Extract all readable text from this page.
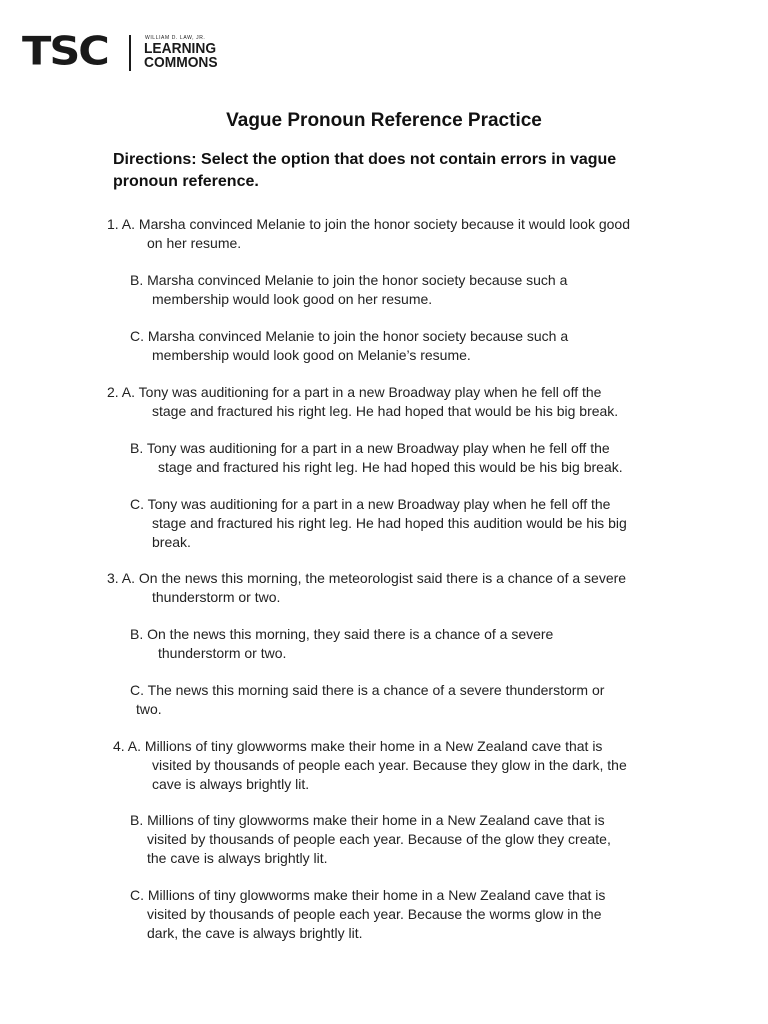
TSC	WILLIAM D. LAW, JR.
LEARNING
COMMONS
Vague Pronoun Reference Practice
Directions: Select the option that does not contain errors in vague pronoun reference.
1. A. Marsha convinced Melanie to join the honor society because it would look good
on her resume.
B. Marsha convinced Melanie to join the honor society because such a
membership would look good on her resume.
C. Marsha convinced Melanie to join the honor society because such a
membership would look good on Melanie’s resume.
2. A. Tony was auditioning for a part in a new Broadway play when he fell off the
stage and fractured his right leg. He had hoped that would be his big break.
B. Tony was auditioning for a part in a new Broadway play when he fell off the
stage and fractured his right leg. He had hoped this would be his big break.
C. Tony was auditioning for a part in a new Broadway play when he fell off the
stage and fractured his right leg. He had hoped this audition would be his big
break.
3. A. On the news this morning, the meteorologist said there is a chance of a severe
thunderstorm or two.
B. On the news this morning, they said there is a chance of a severe
thunderstorm or two.
C. The news this morning said there is a chance of a severe thunderstorm or
two.
4. A. Millions of tiny glowworms make their home in a New Zealand cave that is
visited by thousands of people each year. Because they glow in the dark, the
cave is always brightly lit.
B. Millions of tiny glowworms make their home in a New Zealand cave that is
visited by thousands of people each year. Because of the glow they create,
the cave is always brightly lit.
C. Millions of tiny glowworms make their home in a New Zealand cave that is
visited by thousands of people each year. Because the worms glow in the
dark, the cave is always brightly lit.
